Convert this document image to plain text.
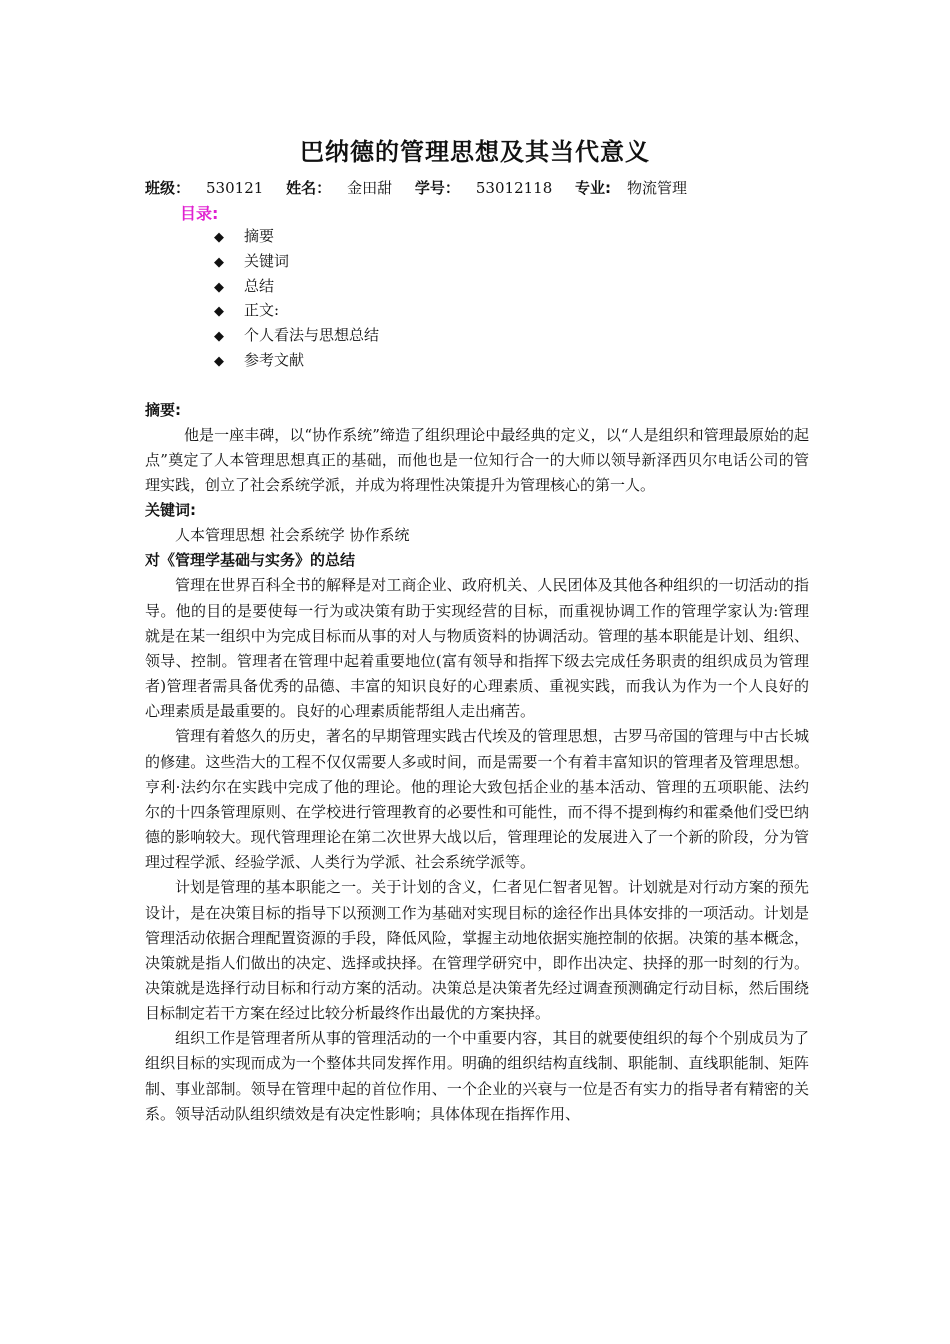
巴纳德的管理思想及其当代意义
班级： 530121 姓名： 金田甜 学号： 53012118 专业: 物流管理
目录:
◆ 摘要
◆ 关键词
◆ 总结
◆ 正文:
◆ 个人看法与思想总结
◆ 参考文献
摘要:

他是一座丰碑，以“协作系统”缔造了组织理论中最经典的定义，以“人是组织和管理最原始的起点”奠定了人本管理思想真正的基础，而他也是一位知行合一的大师以领导新泽西贝尔电话公司的管理实践，创立了社会系统学派，并成为将理性决策提升为管理核心的第一人。

关键词:
人本管理思想 社会系统学 协作系统
对《管理学基础与实务》的总结

管理在世界百科全书的解释是对工商企业、政府机关、人民团体及其他各种组织的一切活动的指导。他的目的是要使每一行为或决策有助于实现经营的目标，而重视协调工作的管理学家认为:管理就是在某一组织中为完成目标而从事的对人与物质资料的协调活动。管理的基本职能是计划、组织、领导、控制。管理者在管理中起着重要地位(富有领导和指挥下级去完成任务职责的组织成员为管理者)管理者需具备优秀的品德、丰富的知识良好的心理素质、重视实践，而我认为作为一个人良好的心理素质是最重要的。良好的心理素质能帮组人走出痛苦。

管理有着悠久的历史，著名的早期管理实践古代埃及的管理思想，古罗马帝国的管理与中古长城的修建。这些浩大的工程不仅仅需要人多或时间，而是需要一个有着丰富知识的管理者及管理思想。亨利·法约尔在实践中完成了他的理论。他的理论大致包括企业的基本活动、管理的五项职能、法约尔的十四条管理原则、在学校进行管理教育的必要性和可能性，而不得不提到梅约和霍桑他们受巴纳德的影响较大。现代管理理论在第二次世界大战以后，管理理论的发展进入了一个新的阶段，分为管理过程学派、经验学派、人类行为学派、社会系统学派等。

计划是管理的基本职能之一。关于计划的含义，仁者见仁智者见智。计划就是对行动方案的预先设计，是在决策目标的指导下以预测工作为基础对实现目标的途径作出具体安排的一项活动。计划是管理活动依据合理配置资源的手段，降低风险，掌握主动地依据实施控制的依据。决策的基本概念，决策就是指人们做出的决定、选择或抉择。在管理学研究中，即作出决定、抉择的那一时刻的行为。决策就是选择行动目标和行动方案的活动。决策总是决策者先经过调查预测确定行动目标，然后围绕目标制定若干方案在经过比较分析最终作出最优的方案抉择。

组织工作是管理者所从事的管理活动的一个中重要内容，其目的就要使组织的每个个别成员为了组织目标的实现而成为一个整体共同发挥作用。明确的组织结构直线制、职能制、直线职能制、矩阵制、事业部制。领导在管理中起的首位作用、一个企业的兴衰与一位是否有实力的指导者有精密的关系。领导活动队组织绩效是有决定性影响；具体体现在指挥作用、
